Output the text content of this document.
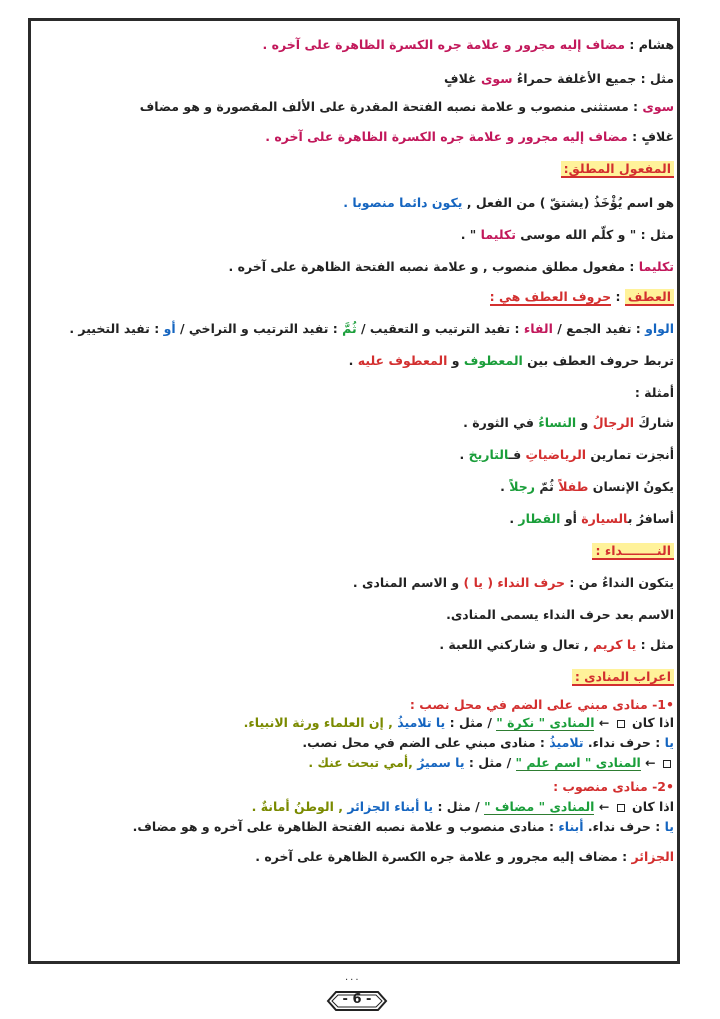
هشام : مضاف إليه مجرور و علامة جره الكسرة الظاهرة على آخره .
مثل : جميع الأغلفة حمراءُ سوى غلافٍ
سوى : مستثنى منصوب و علامة نصبه الفتحة المقدرة على الألف المقصورة و هو مضاف
غلافٍ : مضاف إليه مجرور و علامة جره الكسرة الظاهرة على آخره .
المفعول المطلق:
هو اسم يُؤْخَذُ (يشتقّ ) من الفعل , يكون دائما منصوبا .
مثل : " و كلّم الله موسى تكليما " .
تكليما : مفعول مطلق منصوب , و علامة نصبه الفتحة الظاهرة على آخره .
العطف : حروف العطف هي :
الواو : تفيد الجمع / الفاء : تفيد الترتيب و التعقيب / ثُمَّ : تفيد الترتيب و التراخي / أو : تفيد التخيير .
تربط حروف العطف بين المعطوف و المعطوف عليه .
أمثلة :
شاركَ الرجالُ و النساءُ في الثورة .
أنجزت تمارين الرياضياتِ فـالتاريخ .
يكونُ الإنسان طفلاً ثُمّ رجلاً .
أسافرُ بالسيارة أو القطار .
النــــــــداء :
يتكون النداءُ من : حرف النداء ( يا ) و الاسم المنادى .
الاسم بعد حرف النداء يسمى المنادى.
مثل : يا كريم , تعال و شاركني اللعبة .
اعراب المنادى :
•1- منادى مبني على الضم في محل نصب :
اذا كان  ← المنادى " نكرة " / مثل : يا تلاميذُ , إن العلماء ورثة الانبياء.
يا : حرف نداء. تلاميذُ : منادى مبني على الضم في محل نصب.
← المنادى " اسم علم " / مثل : يا سميرُ ,أمي تبحث عنك .
•2- منادى منصوب :
اذا كان  ← المنادى " مضاف " / مثل : يا أبناء الجزائر , الوطنُ أمانةٌ .
يا : حرف نداء. أبناء : منادى منصوب و علامة نصبه الفتحة الظاهرة على آخره و هو مضاف.
الجزائر : مضاف إليه مجرور و علامة جره الكسرة الظاهرة على آخره .
...
- 6 -
